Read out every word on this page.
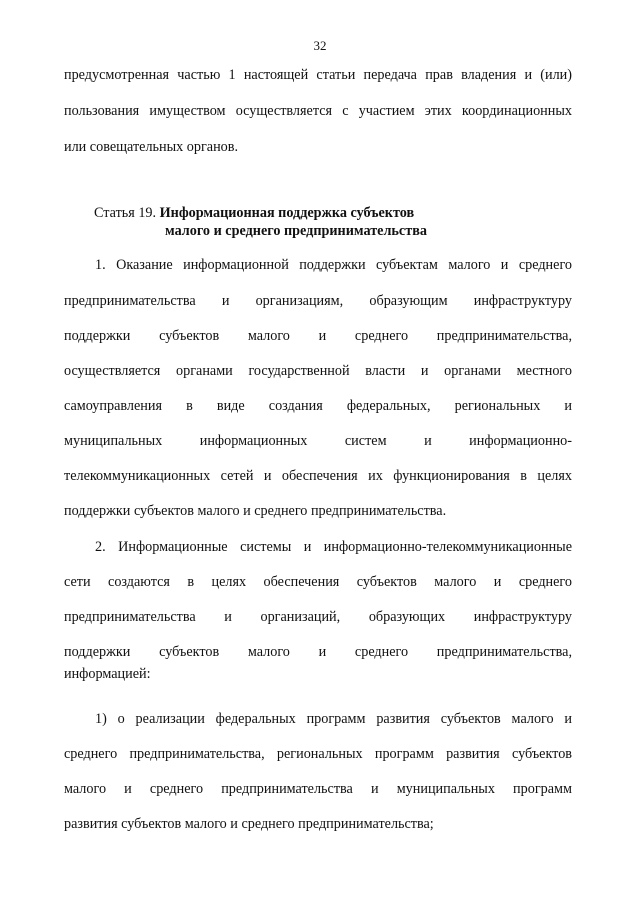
32
предусмотренная частью 1 настоящей статьи передача прав владения и (или)
пользования имуществом осуществляется с участием этих координационных
или совещательных органов.
Статья 19. Информационная поддержка субъектов
малого и среднего предпринимательства
1. Оказание информационной поддержки субъектам малого и среднего
предпринимательства и организациям, образующим инфраструктуру
поддержки субъектов малого и среднего предпринимательства,
осуществляется органами государственной власти и органами местного
самоуправления в виде создания федеральных, региональных и
муниципальных информационных систем и информационно-
телекоммуникационных сетей и обеспечения их функционирования в целях
поддержки субъектов малого и среднего предпринимательства.
2. Информационные системы и информационно-телекоммуникационные
сети создаются в целях обеспечения субъектов малого и среднего
предпринимательства и организаций, образующих инфраструктуру
поддержки субъектов малого и среднего предпринимательства,
информацией:
1) о реализации федеральных программ развития субъектов малого и
среднего предпринимательства, региональных программ развития субъектов
малого и среднего предпринимательства и муниципальных программ
развития субъектов малого и среднего предпринимательства;
